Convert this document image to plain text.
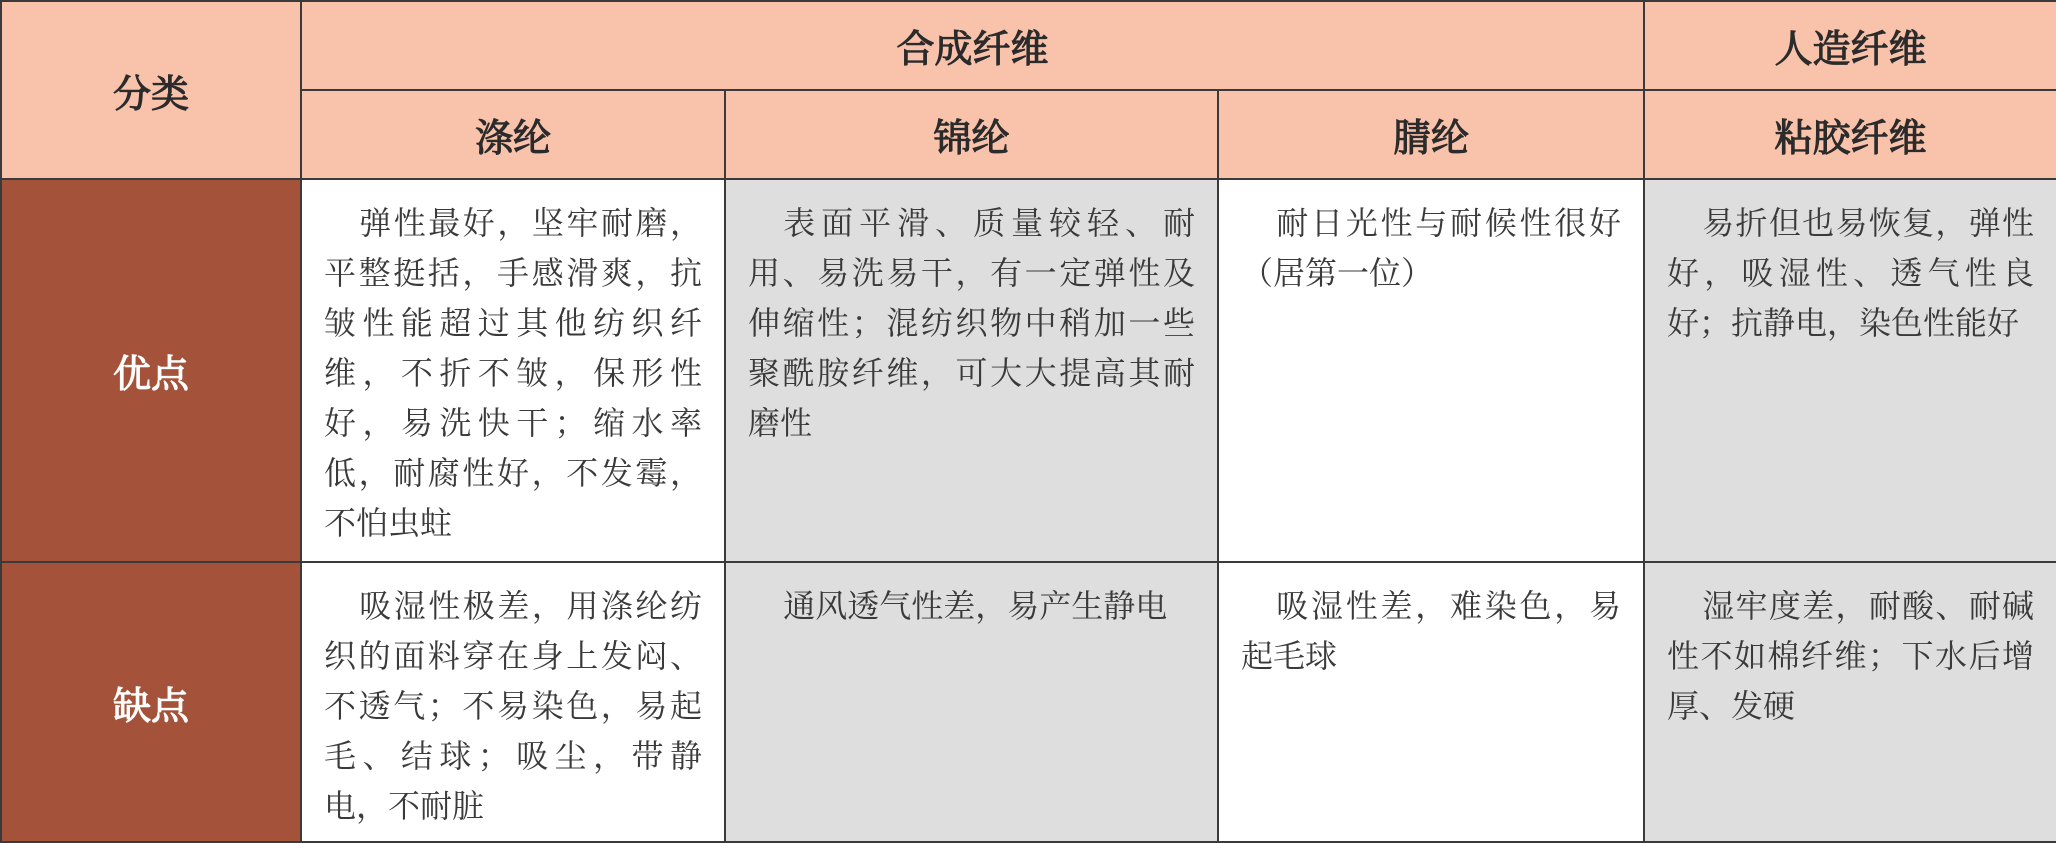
分类	合成纤维			人造纤维
	涤纶	锦纶	腈纶	粘胶纤维
优点	弹性最好，坚牢耐磨，平整挺括，手感滑爽，抗皱性能超过其他纺织纤维，不折不皱，保形性好，易洗快干；缩水率低，耐腐性好，不发霉，不怕虫蛀	表面平滑、质量较轻、耐用、易洗易干，有一定弹性及伸缩性；混纺织物中稍加一些聚酰胺纤维，可大大提高其耐磨性	耐日光性与耐候性很好（居第一位）	易折但也易恢复，弹性好，吸湿性、透气性良好；抗静电，染色性能好
缺点	吸湿性极差，用涤纶纺织的面料穿在身上发闷、不透气；不易染色，易起毛、结球；吸尘，带静电，不耐脏	通风透气性差，易产生静电	吸湿性差，难染色，易起毛球	湿牢度差，耐酸、耐碱性不如棉纤维；下水后增厚、发硬
